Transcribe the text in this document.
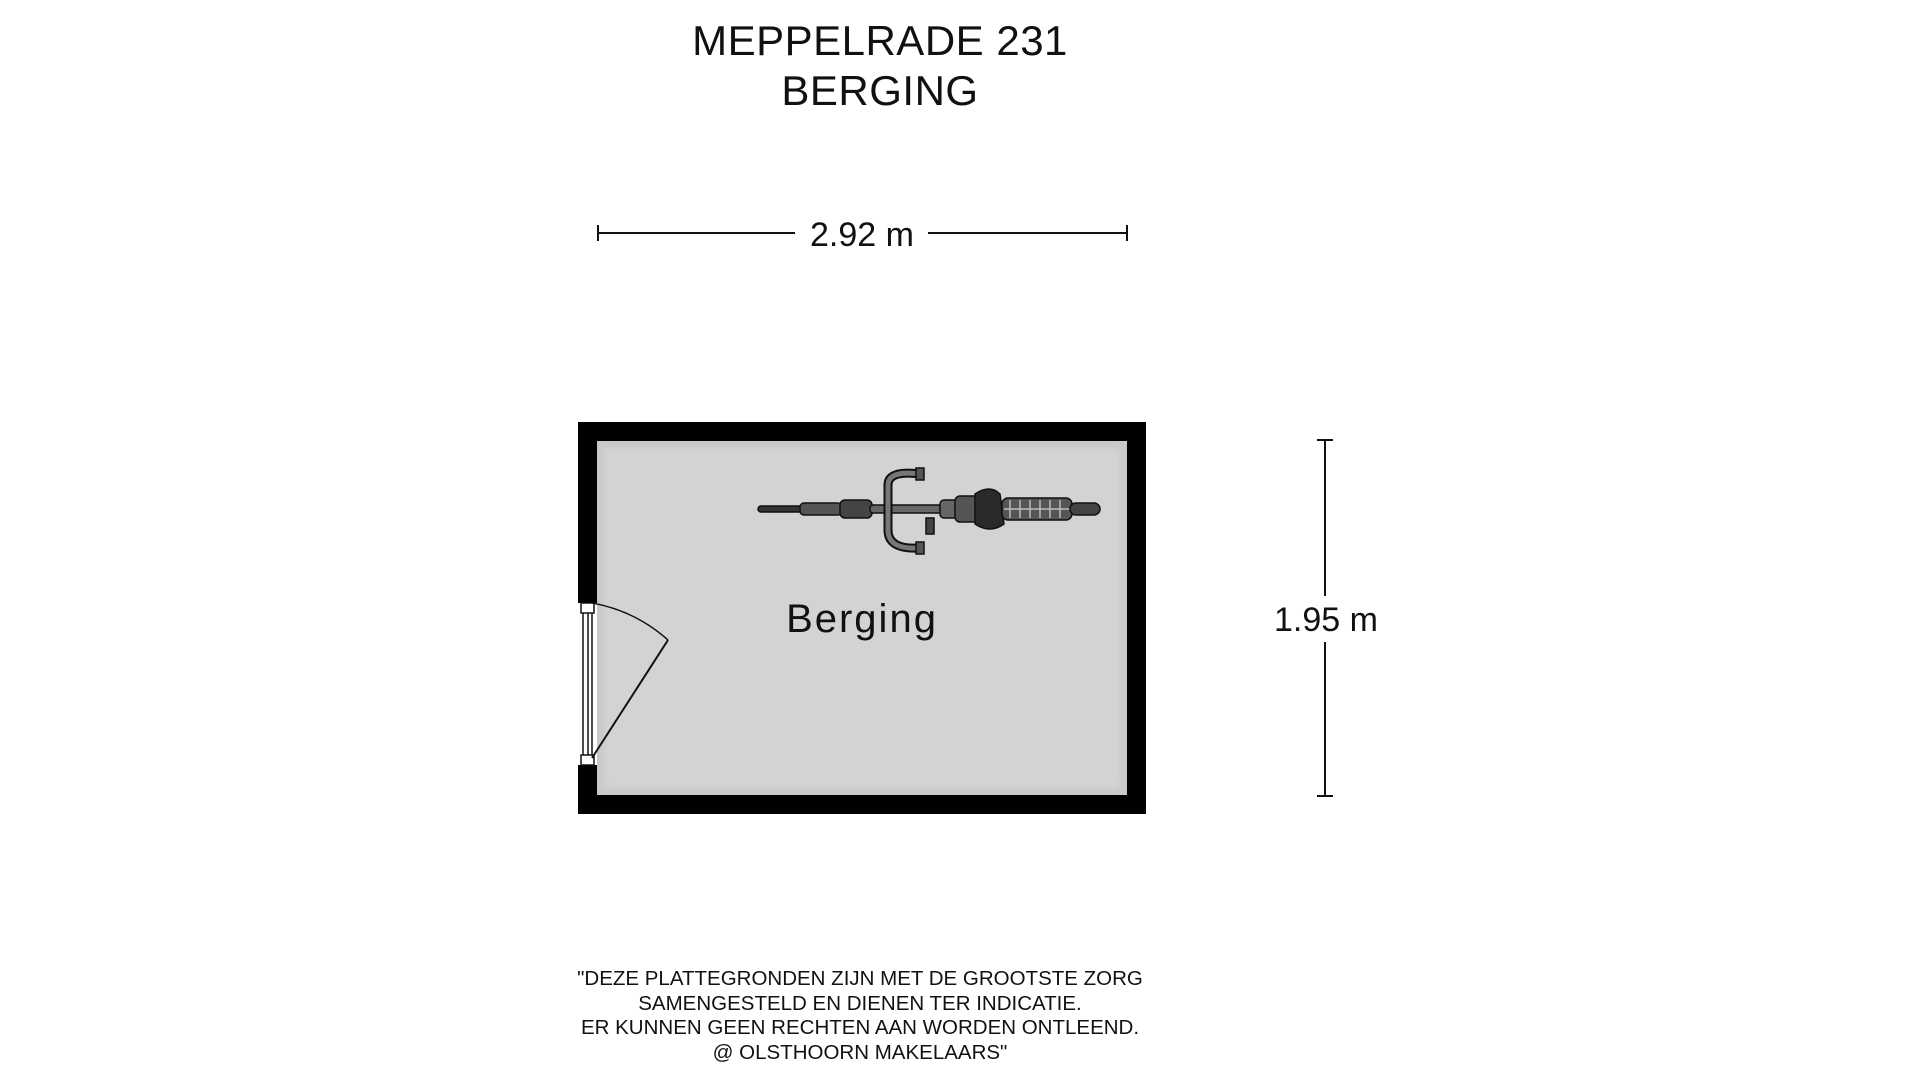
MEPPELRADE 231
BERGING
2.92 m
1.95 m
Berging
"DEZE PLATTEGRONDEN ZIJN MET DE GROOTSTE ZORG
SAMENGESTELD EN DIENEN TER INDICATIE.
ER KUNNEN GEEN RECHTEN AAN WORDEN ONTLEEND.
@ OLSTHOORN MAKELAARS"
